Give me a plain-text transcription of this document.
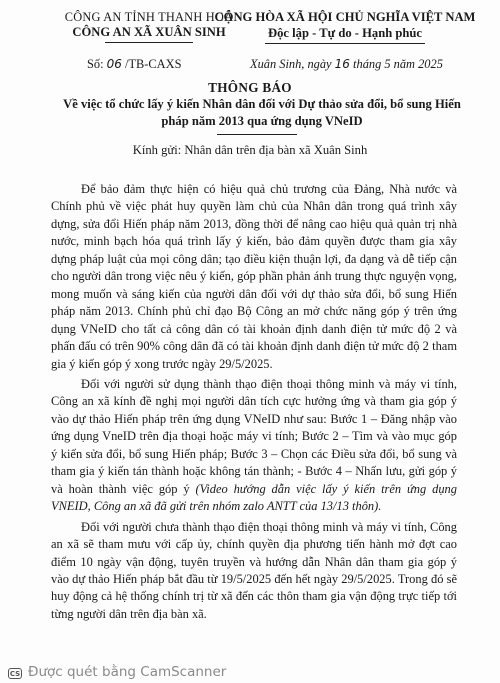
CÔNG AN TỈNH THANH HOÁ
CÔNG AN XÃ XUÂN SINH
CỘNG HÒA XÃ HỘI CHỦ NGHĨA VIỆT NAM
Độc lập - Tự do - Hạnh phúc
Số: 06 /TB-CAXS	Xuân Sinh, ngày 16 tháng 5 năm 2025
THÔNG BÁO
Về việc tổ chức lấy ý kiến Nhân dân đối với Dự thảo sửa đổi, bổ sung Hiến pháp năm 2013 qua ứng dụng VNeID
Kính gửi: Nhân dân trên địa bàn xã Xuân Sinh

Để bảo đảm thực hiện có hiệu quả chủ trương của Đảng, Nhà nước và Chính phủ về việc phát huy quyền làm chủ của Nhân dân trong quá trình xây dựng, sửa đổi Hiến pháp năm 2013, đồng thời để nâng cao hiệu quả quản trị nhà nước, minh bạch hóa quá trình lấy ý kiến, bảo đảm quyền được tham gia xây dựng pháp luật của mọi công dân; tạo điều kiện thuận lợi, đa dạng và dễ tiếp cận cho người dân trong việc nêu ý kiến, góp phần phản ánh trung thực nguyện vọng, mong muốn và sáng kiến của người dân đối với dự thảo sửa đổi, bổ sung Hiến pháp năm 2013. Chính phủ chỉ đạo Bộ Công an mở chức năng góp ý trên ứng dụng VNeID cho tất cả công dân có tài khoản định danh điện tử mức độ 2 và phấn đấu có trên 90% công dân đã có tài khoản định danh điện tử mức độ 2 tham gia ý kiến góp ý xong trước ngày 29/5/2025.

Đối với người sử dụng thành thạo điện thoại thông minh và máy vi tính, Công an xã kính đề nghị mọi người dân tích cực hưởng ứng và tham gia góp ý vào dự thảo Hiến pháp trên ứng dụng VNeID như sau: Bước 1 – Đăng nhập vào ứng dụng VneID trên địa thoại hoặc máy vi tính; Bước 2 – Tìm và vào mục góp ý kiến sửa đổi, bổ sung Hiến pháp; Bước 3 – Chọn các Điều sửa đổi, bổ sung và tham gia ý kiến tán thành hoặc không tán thành; - Bước 4 – Nhấn lưu, gửi góp ý và hoàn thành việc góp ý (Video hướng dẫn việc lấy ý kiến trên ứng dụng VNEID, Công an xã đã gửi trên nhóm zalo ANTT của 13/13 thôn).

Đối với người chưa thành thạo điện thoại thông minh và máy vi tính, Công an xã sẽ tham mưu với cấp ủy, chính quyền địa phương tiến hành mở đợt cao điểm 10 ngày vận động, tuyên truyền và hướng dẫn Nhân dân tham gia góp ý vào dự thảo Hiến pháp bắt đầu từ 19/5/2025 đến hết ngày 29/5/2025. Trong đó sẽ huy động cả hệ thống chính trị từ xã đến các thôn tham gia vận động trực tiếp tới từng người dân trên địa bàn xã.

CS Được quét bằng CamScanner
